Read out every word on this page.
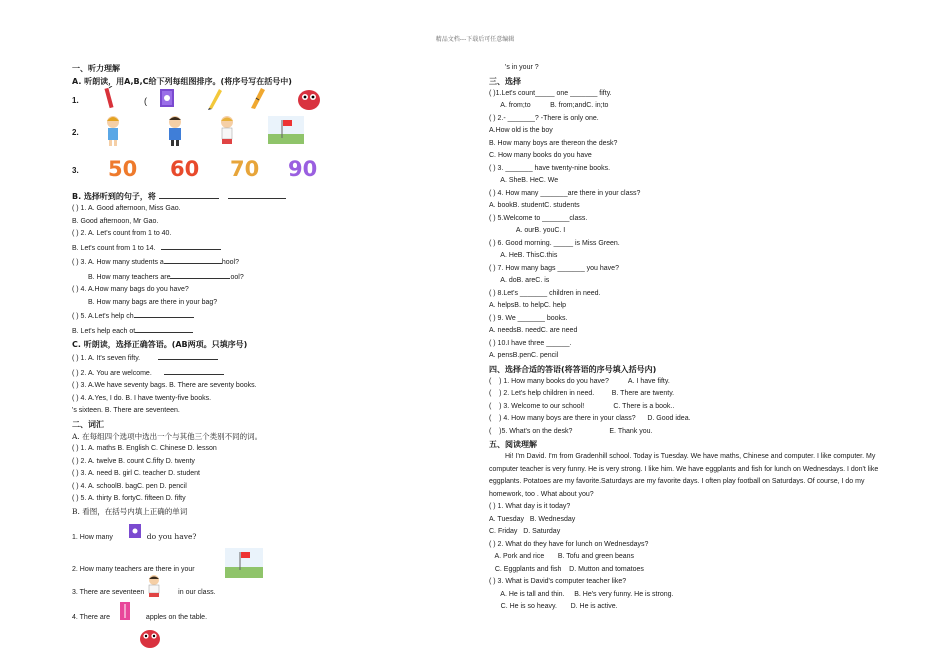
精品文档---下载后可任意编辑
一、听力理解
A. 听朗读，用A,B,C给下列每组图排序。(将序号写在括号中)
1.	(
2.
3.	50 60 70 90
B. 选择听到的句子，将
( ) 1. A. Good afternoon, Miss Gao.
B. Good afternoon, Mr Gao.
( ) 2. A. Let's count from 1 to 40.
B. Let's count from 1 to 14.
( ) 3. A. How many students a	hool?
B. How many teachers are	ool?
( ) 4. A.How many bags do you have?
B. How many bags are there in your bag?
( ) 5. A.Let's help ch
B. Let's help each ot
C. 听朗读，选择正确答语。(AB两项。只填序号)
( ) 1. A. It's seven fifty.
( ) 2. A. You are welcome.
( ) 3. A.We have seventy bags. B. There are seventy books.
( ) 4. A.Yes, I do. B. I have twenty-five books.
's sixteen. B. There are seventeen.
二、词汇
A. 在每组四个选项中选出一个与其他三个类别不同的词。
( ) 1. A. maths B. English C. Chinese D. lesson
( ) 2. A. twelve B. count C.fifty D. twenty
( ) 3. A. need B. girl C. teacher D. student
( ) 4. A. schoolB. bagC. pen D. pencil
( ) 5. A. thirty B. fortyC. fifteen D. fifty
B. 看图，在括号内填上正确的单词
1. How many	do you have?
2. How many teachers are there in your
3. There are seventeen	in our class.
4. There are	apples on the table.
's in your ?
三、选择
( )1.Let's count_____ one _______ fifty.
A. from;to          B. from;andC. in;to
( ) 2.- _______? -There is only one.
A.How old is the boy
B. How many boys are thereon the desk?
C. How many books do you have
( ) 3. _______ have twenty-nine books.
A. SheB. HeC. We
( ) 4. How many _______are there in your class?
A. bookB. studentC. students
( ) 5.Welcome to _______class.
A. ourB. youC. I
( ) 6. Good morning. _____ is Miss Green.
A. HeB. ThisC.this
( ) 7. How many bags _______ you have?
A. doB. areC. is
( ) 8.Let's _______ children in need.
A. helpsB. to helpC. help
( ) 9. We _______ books.
A. needsB. needC. are need
( ) 10.I have three ______.
A. pensB.penC. pencil
四、选择合适的答语(将答语的序号填入括号内)
(    ) 1. How many books do you have?          A. I have fifty.
(    ) 2. Let's help children in need.         B. There are twenty.
(    ) 3. Welcome to our school!               C. There is a book..
(    ) 4. How many boys are there in your class?      D. Good idea.
(    )5. What's on the desk?                   E. Thank you.
五、阅读理解
Hi! I'm David. I'm from Gradenhill school. Today is Tuesday. We have maths, Chinese and computer. I like computer. My computer teacher is very funny. He is very strong. I like him. We have eggplants and fish for lunch on Wednesdays. I don't like eggplants. Potatoes are my favorite.Saturdays are my favorite days. I often play football on Saturdays. Of course, I do my homework, too . What about you?
( ) 1. What day is it today?
A. Tuesday   B. Wednesday
C. Friday   D. Saturday
( ) 2. What do they have for lunch on Wednesdays?
A. Pork and rice       B. Tofu and green beans
C. Eggplants and fish    D. Mutton and tomatoes
( ) 3. What is David's computer teacher like?
A. He is tall and thin.     B. He's very funny. He is strong.
C. He is so heavy.       D. He is active.
